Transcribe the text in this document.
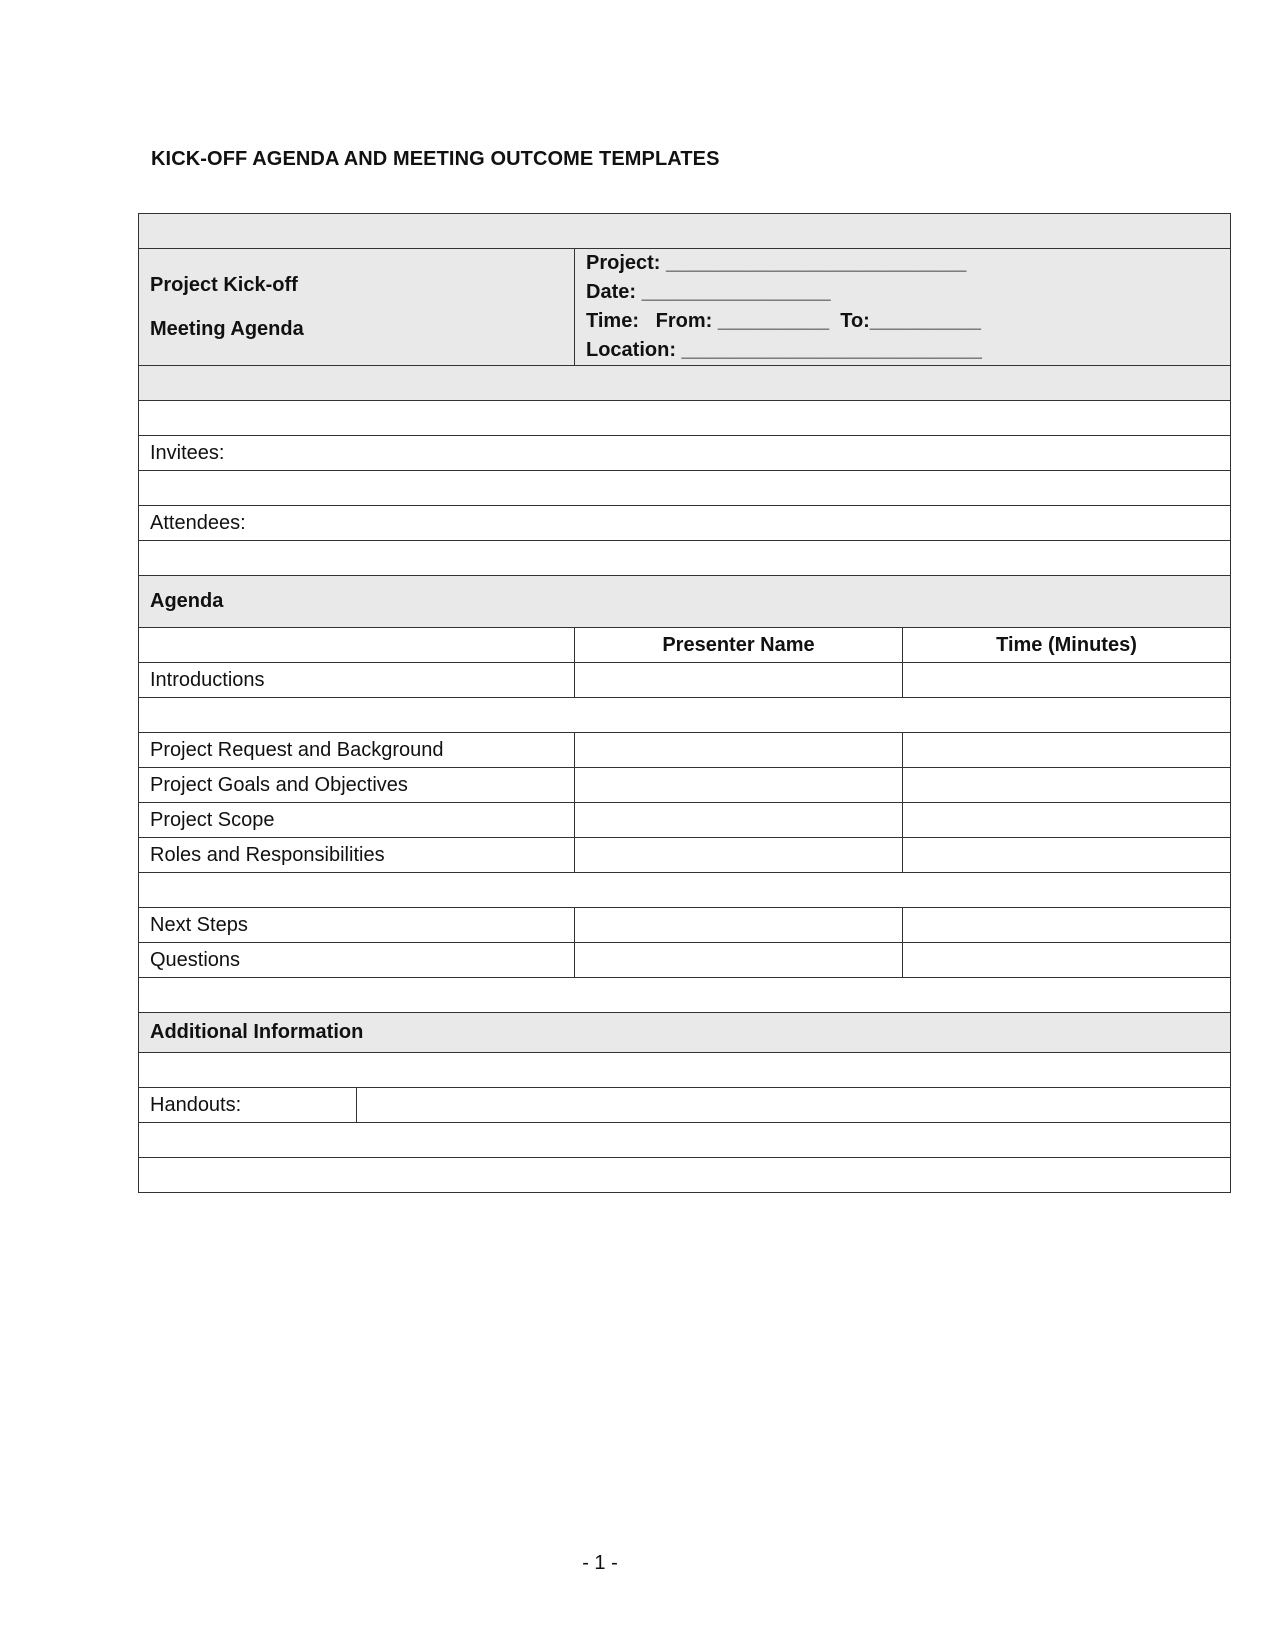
KICK-OFF AGENDA AND MEETING OUTCOME TEMPLATES

Project Kick-off
Meeting Agenda		Project: ___________________________
Date: _________________
Time:   From: __________  To:__________
Location: ___________________________	

Invitees:			

Attendees:			

Agenda			
		Presenter Name	Time (Minutes)
Introductions			

Project Request and Background			
Project Goals and Objectives			
Project Scope			
Roles and Responsibilities			

Next Steps			
Questions			

Additional Information			

Handouts:			

- 1 -
